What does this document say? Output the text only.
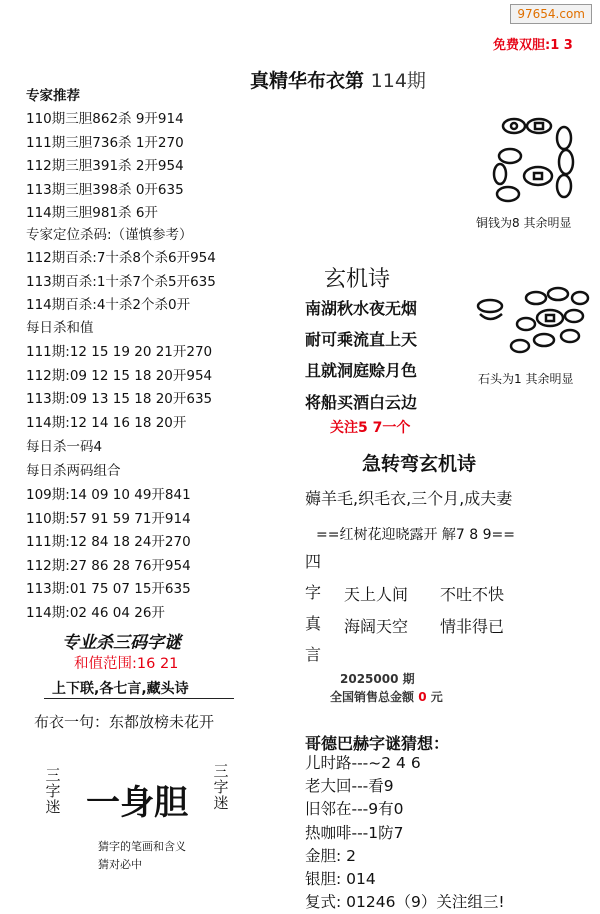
97654.com
免费双胆:1 3
真精华布衣第 114期
专家推荐
110期三胆862杀 9开914
111期三胆736杀 1开270
112期三胆391杀 2开954
113期三胆398杀 0开635
114期三胆981杀 6开
专家定位杀码:（谨慎参考）
112期百杀:7十杀8个杀6开954
113期百杀:1十杀7个杀5开635
114期百杀:4十杀2个杀0开
每日杀和值
111期:12 15 19 20 21开270
112期:09 12 15 18 20开954
113期:09 13 15 18 20开635
114期:12 14 16 18 20开
每日杀一码4
每日杀两码组合
109期:14 09 10 49开841
110期:57 91 59 71开914
111期:12 84 18 24开270
112期:27 86 28 76开954
113期:01 75 07 15开635
114期:02 46 04 26开
专业杀三码字谜
和值范围:16 21
上下联,各七言,藏头诗
布衣一句：东都放榜未花开
三字迷 一身胆
三字迷
猜字的笔画和含义
猜对必中
铜钱为8 其余明显
石头为1 其余明显
玄机诗
南湖秋水夜无烟
耐可乘流直上天
且就洞庭赊月色
将船买酒白云边
关注5 7一个
急转弯玄机诗
薅羊毛,织毛衣,三个月,成夫妻
==红树花迎晓露开 解7 8 9==
四
字
真
言
天上人间 不吐不快
海阔天空 情非得已
2025000 期
全国销售总金额 0 元
哥德巴赫字谜猜想：
儿时路---~2 4 6
老大回---看9
旧邻在---9有0
热咖啡---1防7
金胆: 2
银胆: 014
复式: 01246（9）关注组三!
